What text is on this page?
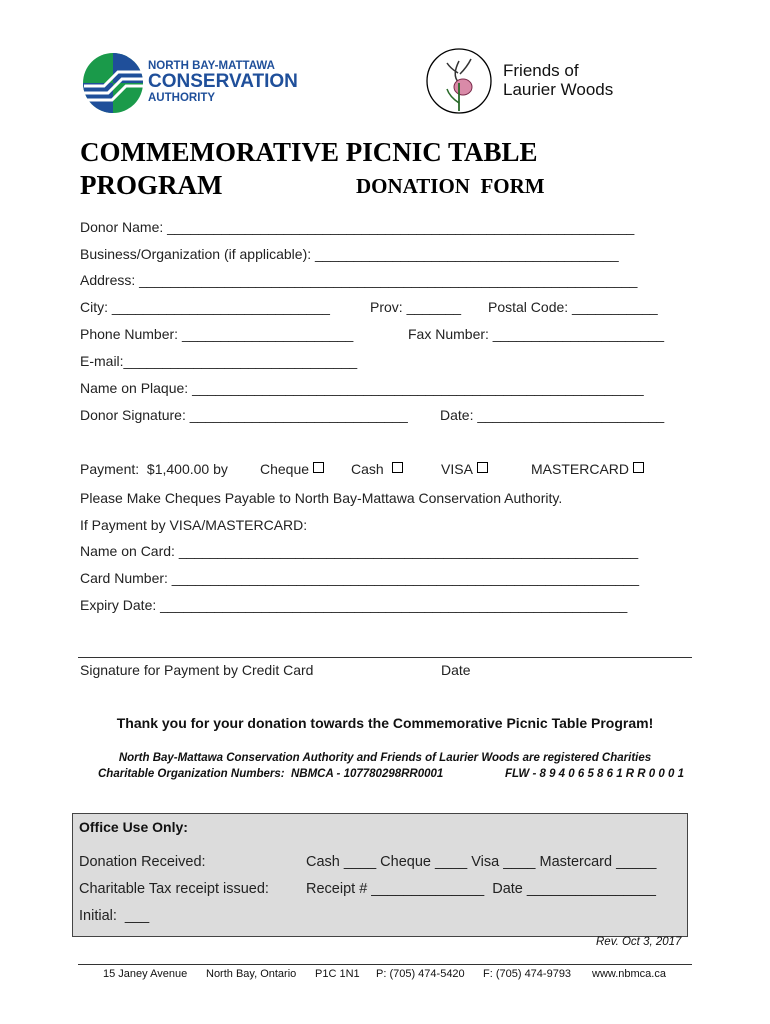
NORTH BAY-MATTAWA
CONSERVATION
AUTHORITY
Friends of
Laurier Woods
COMMEMORATIVE PICNIC TABLE
PROGRAM	DONATION  FORM
Donor Name: ____________________________________________________________
Business/Organization (if applicable): _______________________________________
Address: ________________________________________________________________
City: ____________________________	Prov: _______ Postal Code: ___________
Phone Number: ______________________	Fax Number: ______________________
E-mail:______________________________
Name on Plaque: __________________________________________________________
Donor Signature: ____________________________ Date: ________________________
Payment:  $1,400.00 by Cheque	Cash	VISA	MASTERCARD
Please Make Cheques Payable to North Bay-Mattawa Conservation Authority.
If Payment by VISA/MASTERCARD:
Name on Card: ___________________________________________________________
Card Number: ____________________________________________________________
Expiry Date: ____________________________________________________________
Signature for Payment by Credit Card	Date
Thank you for your donation towards the Commemorative Picnic Table Program!
North Bay-Mattawa Conservation Authority and Friends of Laurier Woods are registered Charities
Charitable Organization Numbers:  NBMCA - 107780298RR0001	FLW - 8 9 4 0 6 5 8 6 1 R R 0 0 0 1
Office Use Only:
Donation Received:	Cash ____ Cheque ____ Visa ____ Mastercard _____
Charitable Tax receipt issued:	Receipt # ______________  Date ________________
Initial:  ___
Rev. Oct 3, 2017
15 Janey Avenue North Bay, Ontario P1C 1N1 P: (705) 474-5420 F: (705) 474-9793 www.nbmca.ca
